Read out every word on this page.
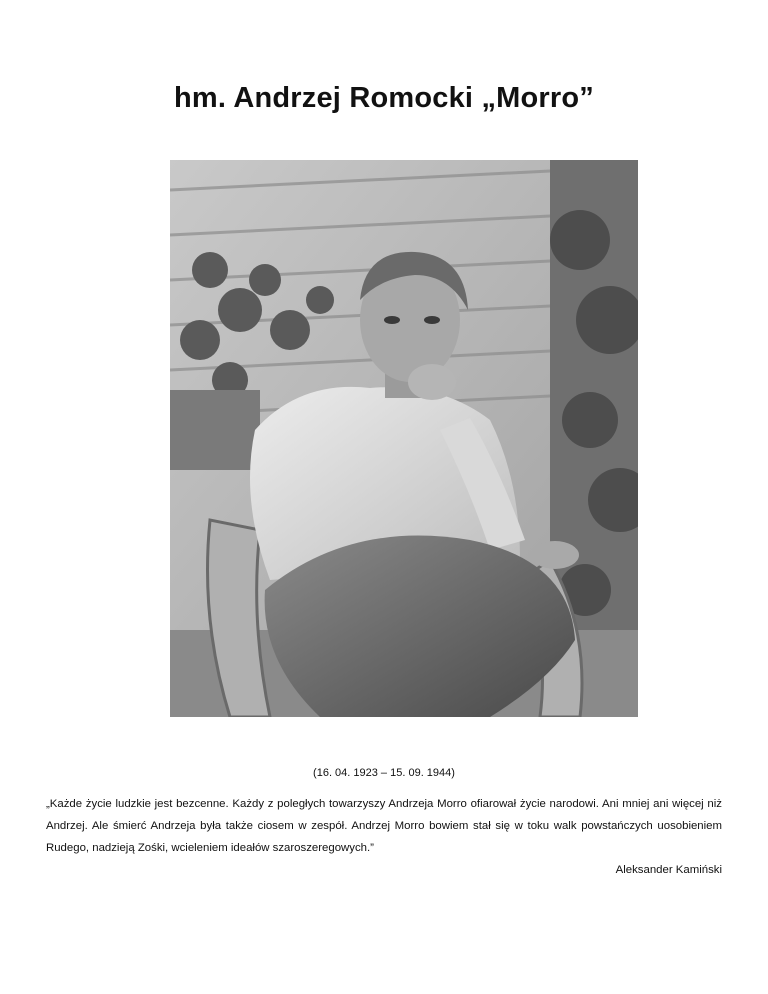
hm. Andrzej Romocki „Morro”

(16. 04. 1923 – 15. 09. 1944)

„Każde życie ludzkie jest bezcenne. Każdy z poległych towarzyszy Andrzeja Morro ofiarował życie narodowi. Ani mniej ani więcej niż Andrzej. Ale śmierć Andrzeja była także ciosem w zespół. Andrzej Morro bowiem stał się w toku walk powstańczych uosobieniem Rudego, nadzieją Zośki, wcieleniem ideałów szaroszeregowych.”

Aleksander Kamiński
